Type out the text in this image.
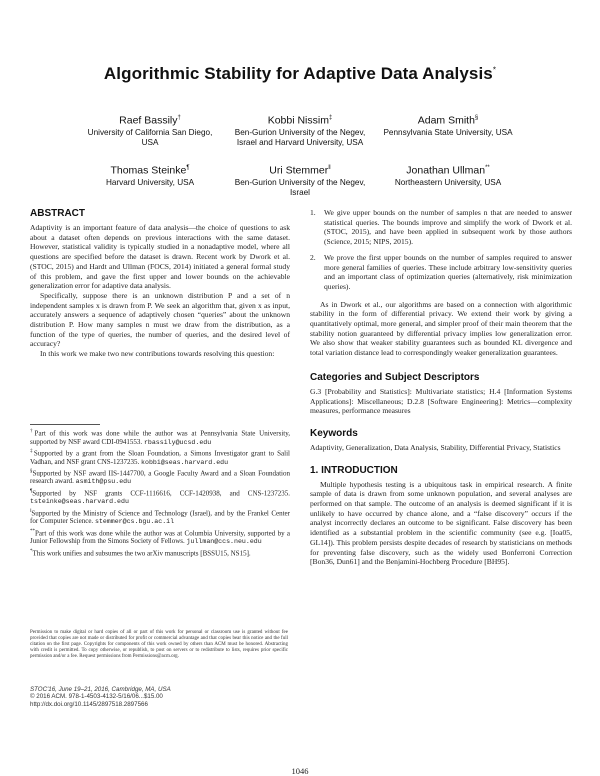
Algorithmic Stability for Adaptive Data Analysis*
Raef Bassily†
University of California San Diego, USA
Kobbi Nissim‡
Ben-Gurion University of the Negev, Israel and Harvard University, USA
Adam Smith§
Pennsylvania State University, USA
Thomas Steinke¶
Harvard University, USA
Uri Stemmer‖
Ben-Gurion University of the Negev, Israel
Jonathan Ullman**
Northeastern University, USA
ABSTRACT

Adaptivity is an important feature of data analysis—the choice of questions to ask about a dataset often depends on previous interactions with the same dataset. However, statistical validity is typically studied in a nonadaptive model, where all questions are specified before the dataset is drawn. Recent work by Dwork et al. (STOC, 2015) and Hardt and Ullman (FOCS, 2014) initiated a general formal study of this problem, and gave the first upper and lower bounds on the achievable generalization error for adaptive data analysis.

Specifically, suppose there is an unknown distribution P and a set of n independent samples x is drawn from P. We seek an algorithm that, given x as input, accurately answers a sequence of adaptively chosen “queries” about the unknown distribution P. How many samples n must we draw from the distribution, as a function of the type of queries, the number of queries, and the desired level of accuracy?

In this work we make two new contributions towards resolving this question:

†Part of this work was done while the author was at Pennsylvania State University, supported by NSF award CDI-0941553. rbassily@ucsd.edu

‡Supported by a grant from the Sloan Foundation, a Simons Investigator grant to Salil Vadhan, and NSF grant CNS-1237235. kobbi@seas.harvard.edu

§Supported by NSF award IIS-1447700, a Google Faculty Award and a Sloan Foundation research award. asmith@psu.edu

¶Supported by NSF grants CCF-1116616, CCF-1420938, and CNS-1237235. tsteinke@seas.harvard.edu

‖Supported by the Ministry of Science and Technology (Israel), and by the Frankel Center for Computer Science. stemmer@cs.bgu.ac.il

**Part of this work was done while the author was at Columbia University, supported by a Junior Fellowship from the Simons Society of Fellows. jullman@ccs.neu.edu

*This work unifies and subsumes the two arXiv manuscripts [BSSU15, NS15].

Permission to make digital or hard copies of all or part of this work for personal or classroom use is granted without fee provided that copies are not made or distributed for profit or commercial advantage and that copies bear this notice and the full citation on the first page. Copyrights for components of this work owned by others than ACM must be honored. Abstracting with credit is permitted. To copy otherwise, or republish, to post on servers or to redistribute to lists, requires prior specific permission and/or a fee. Request permissions from Permissions@acm.org.
STOC'16, June 19–21, 2016, Cambridge, MA, USA
© 2016 ACM. 978-1-4503-4132-5/16/06...$15.00
http://dx.doi.org/10.1145/2897518.2897566
1.	We give upper bounds on the number of samples n that are needed to answer statistical queries. The bounds improve and simplify the work of Dwork et al. (STOC, 2015), and have been applied in subsequent work by those authors (Science, 2015; NIPS, 2015).

2.	We prove the first upper bounds on the number of samples required to answer more general families of queries. These include arbitrary low-sensitivity queries and an important class of optimization queries (alternatively, risk minimization queries).

As in Dwork et al., our algorithms are based on a connection with algorithmic stability in the form of differential privacy. We extend their work by giving a quantitatively optimal, more general, and simpler proof of their main theorem that the stability notion guaranteed by differential privacy implies low generalization error. We also show that weaker stability guarantees such as bounded KL divergence and total variation distance lead to correspondingly weaker generalization guarantees.

Categories and Subject Descriptors

G.3 [Probability and Statistics]: Multivariate statistics; H.4 [Information Systems Applications]: Miscellaneous; D.2.8 [Software Engineering]: Metrics—complexity measures, performance measures

Keywords

Adaptivity, Generalization, Data Analysis, Stability, Differential Privacy, Statistics

1. INTRODUCTION

Multiple hypothesis testing is a ubiquitous task in empirical research. A finite sample of data is drawn from some unknown population, and several analyses are performed on that sample. The outcome of an analysis is deemed significant if it is unlikely to have occurred by chance alone, and a “false discovery” occurs if the analyst incorrectly declares an outcome to be significant. False discovery has been identified as a substantial problem in the scientific community (see e.g. [Ioa05, GL14]). This problem persists despite decades of research by statisticians on methods for preventing false discovery, such as the widely used Bonferroni Correction [Bon36, Dun61] and the Benjamini-Hochberg Procedure [BH95].

1046
